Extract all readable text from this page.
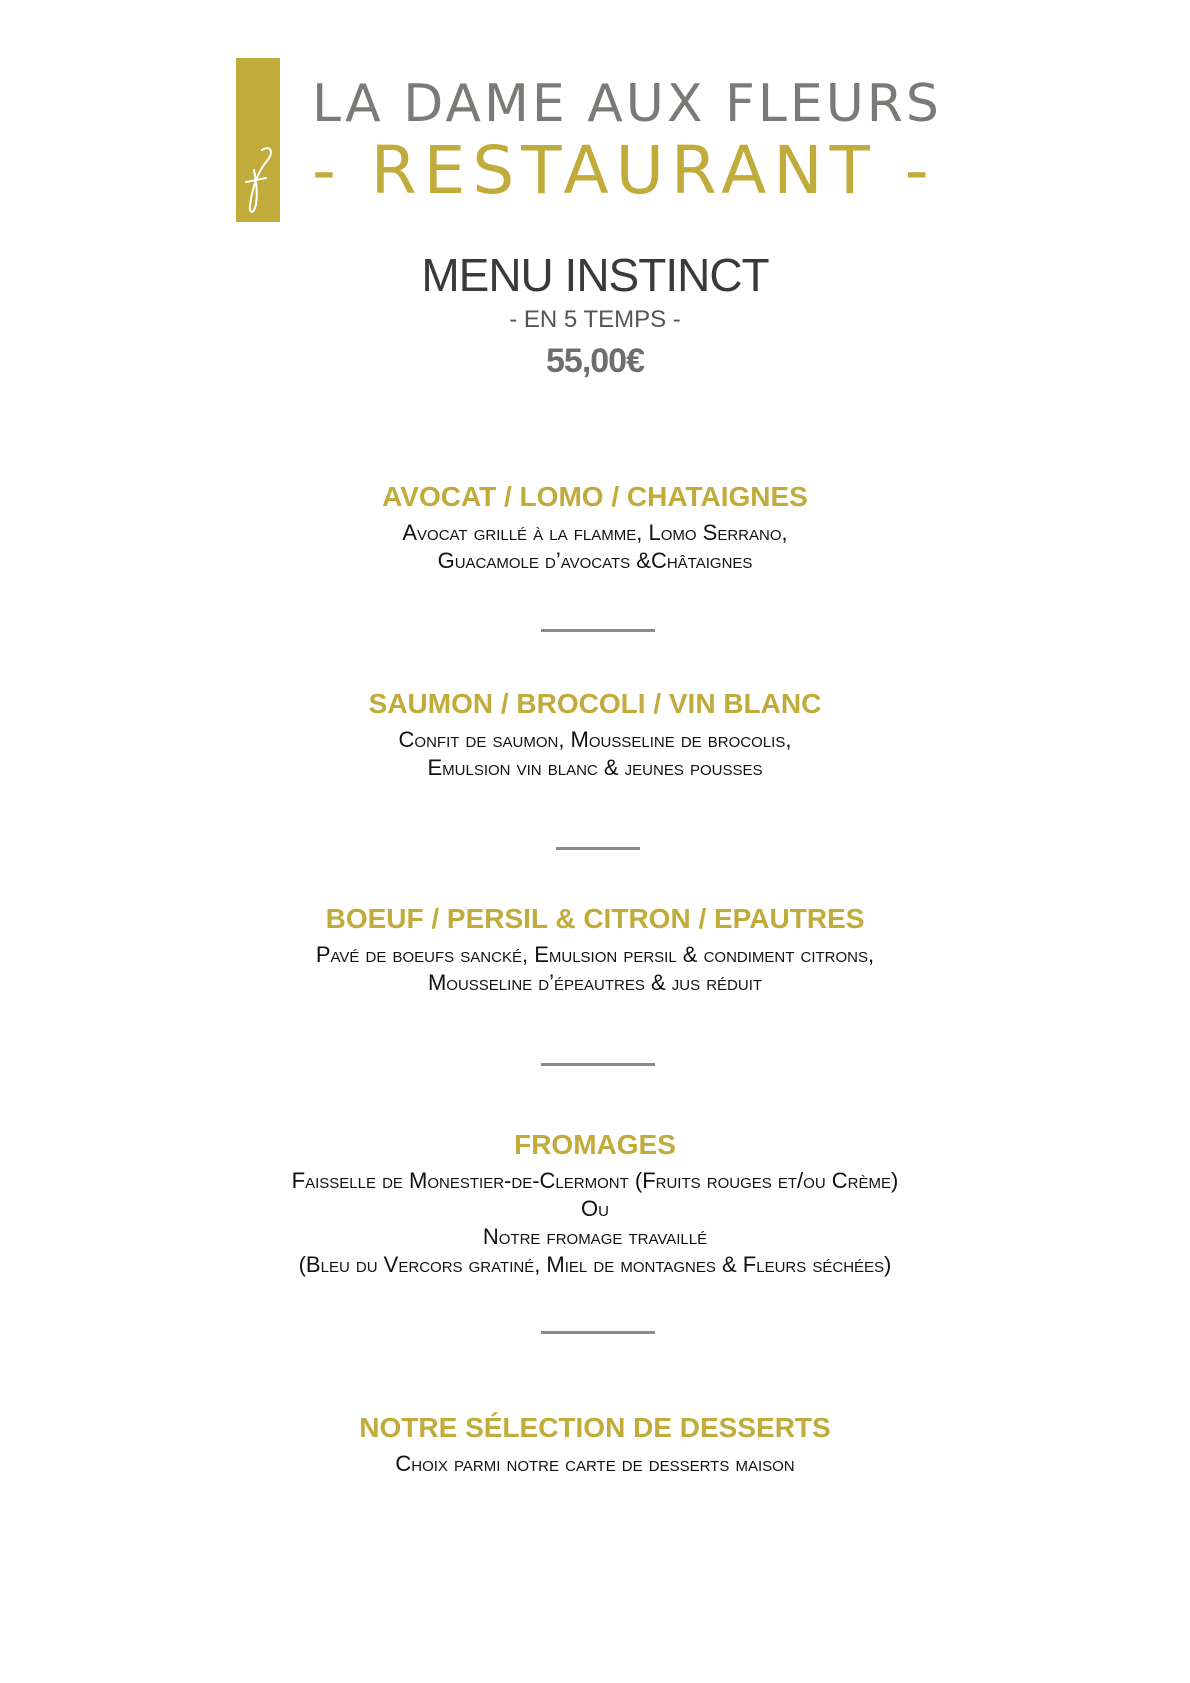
LA DAME AUX FLEURS
- RESTAURANT -
MENU INSTINCT
- EN 5 TEMPS -
55,00€
AVOCAT / LOMO / CHATAIGNES
Avocat grillé à la flamme, Lomo Serrano,
Guacamole d’avocats &Châtaignes
SAUMON / BROCOLI / VIN BLANC
Confit de saumon, Mousseline de brocolis,
Emulsion vin blanc & jeunes pousses
BOEUF / PERSIL & CITRON / EPAUTRES
Pavé de boeufs sancké, Emulsion persil & condiment citrons,
Mousseline d’épeautres & jus réduit
FROMAGES
Faisselle de Monestier-de-Clermont (Fruits rouges et/ou Crème)
Ou
Notre fromage travaillé
(Bleu du Vercors gratiné, Miel de montagnes & Fleurs séchées)
NOTRE SÉLECTION DE DESSERTS
Choix parmi notre carte de desserts maison
